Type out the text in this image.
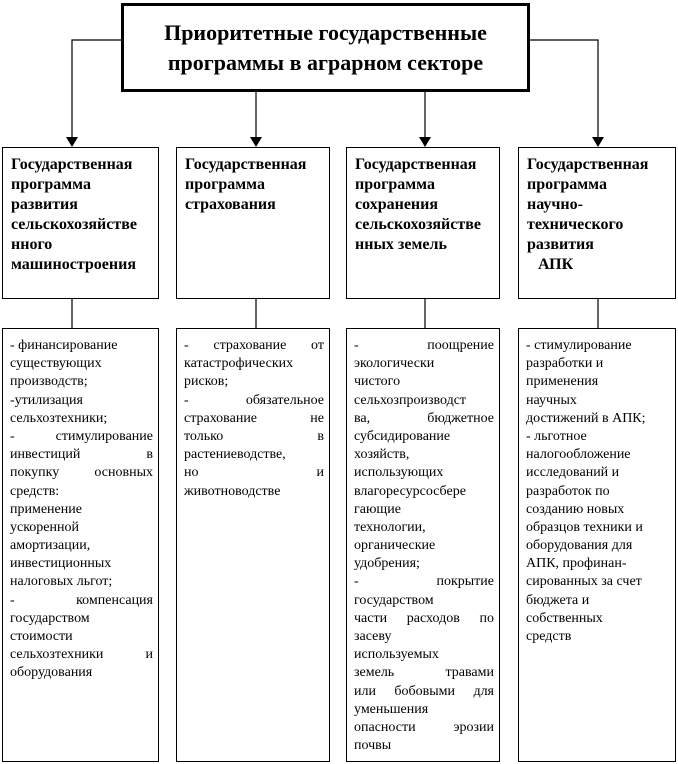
Приоритетные государственные
программы в аграрном секторе
Государственная
программа
развития
сельскохозяйстве
нного
машиностроения
Государственная
программа
страхования
Государственная
программа
сохранения
сельскохозяйстве
нных земель
Государственная
программа
научно-
технического
развития
АПК
- финансирование
существующих
производств;
-утилизация
сельхозтехники;
- стимулирование
инвестиций в
покупку основных
средств:
применение
ускоренной
амортизации,
инвестиционных
налоговых льгот;
- компенсация
государством
стоимости
сельхозтехники и
оборудования
- страхование от
катастрофических
рисков;
- обязательное
страхование не
только в
растениеводстве,
но и
животноводстве
- поощрение
экологически
чистого
сельхозпроизводст
ва, бюджетное
субсидирование
хозяйств,
использующих
влагоресурсосбере
гающие
технологии,
органические
удобрения;
- покрытие
государством
части расходов по
засеву
используемых
земель травами
или бобовыми для
уменьшения
опасности эрозии
почвы
- стимулирование
разработки и
применения
научных
достижений в АПК;
- льготное
налогообложение
исследований и
разработок по
созданию новых
образцов техники и
оборудования для
АПК, профинан-
сированных за счет
бюджета и
собственных
средств
